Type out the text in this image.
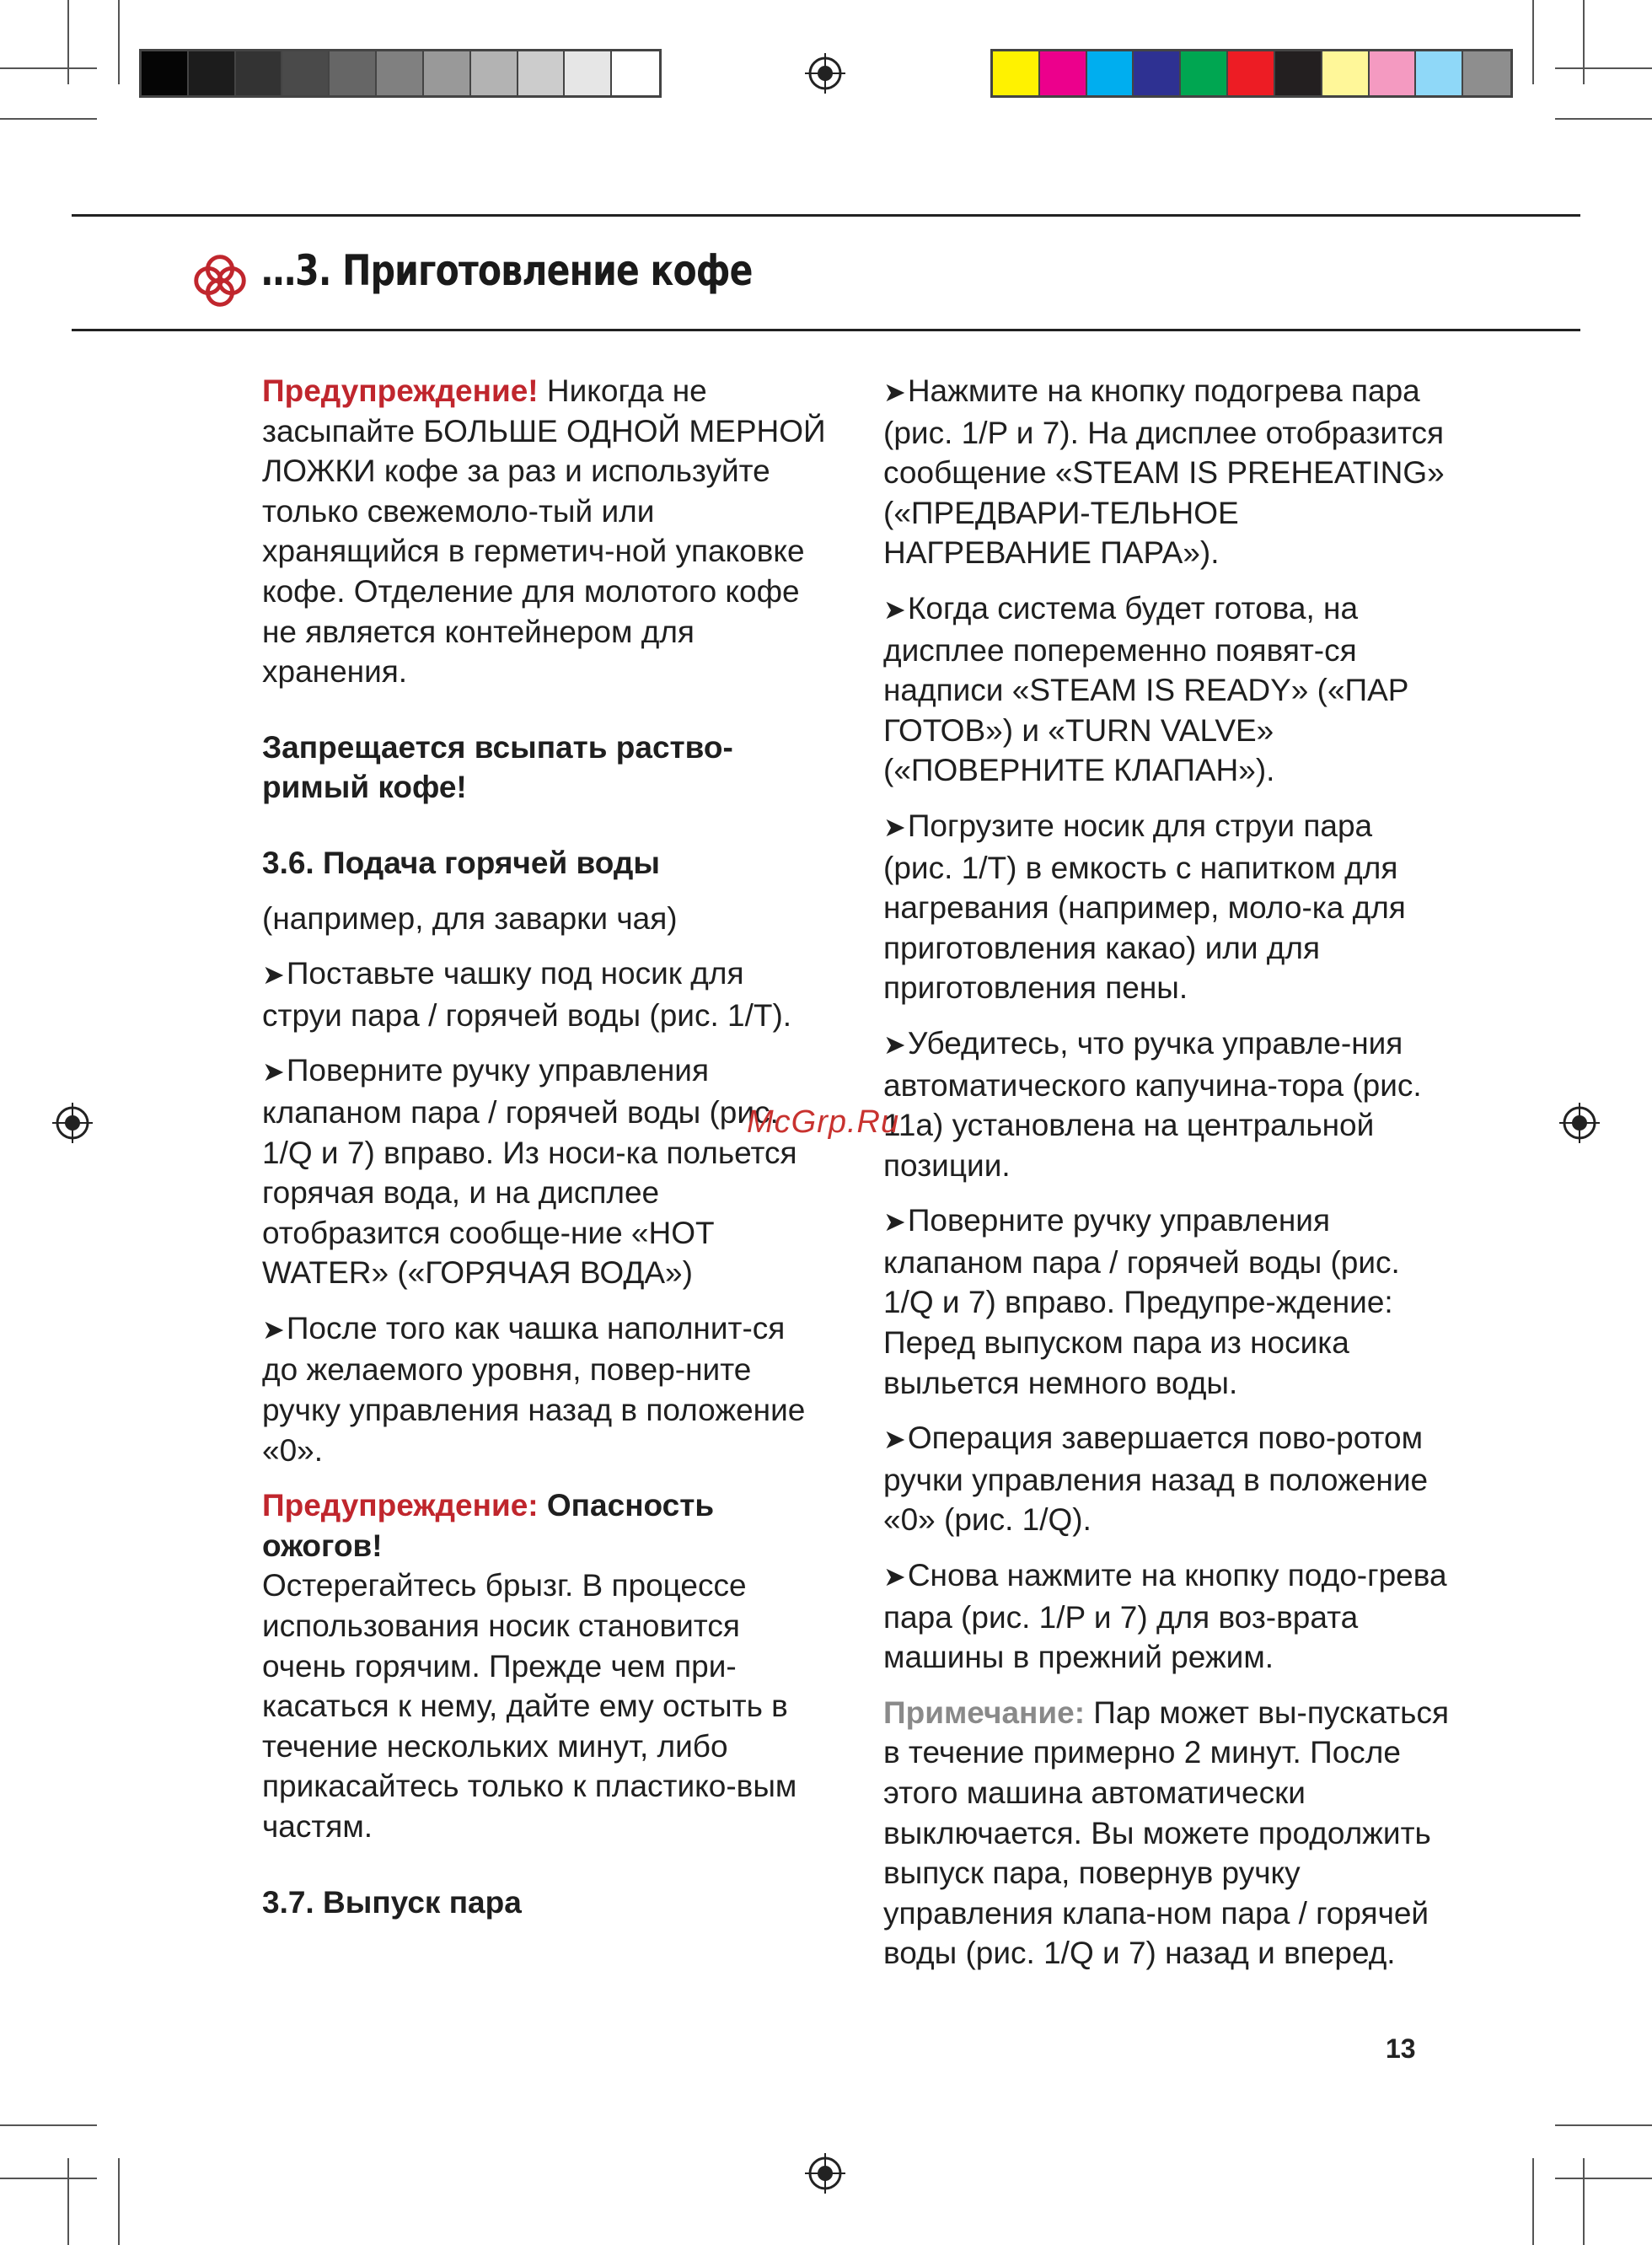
…3. Приготовление кофе

Предупреждение! Никогда не засыпайте БОЛЬШЕ ОДНОЙ МЕРНОЙ ЛОЖКИ кофе за раз и используйте только свежемоло-тый или хранящийся в герметич-ной упаковке кофе. Отделение для молотого кофе не является контейнером для хранения.

Запрещается всыпать раство-римый кофе!

3.6. Подача горячей воды

(например, для заварки чая)

➤Поставьте чашку под носик для струи пара / горячей воды (рис. 1/T).

➤Поверните ручку управления клапаном пара / горячей воды (рис. 1/Q и 7) вправо. Из носи-ка польется горячая вода, и на дисплее отобразится сообще-ние «HOT WATER» («ГОРЯЧАЯ ВОДА»)

➤После того как чашка наполнит-ся до желаемого уровня, повер-ните ручку управления назад в положение «0».

Предупреждение: Опасность ожогов!
Остерегайтесь брызг. В процессе использования носик становится очень горячим. Прежде чем при-касаться к нему, дайте ему остыть в течение нескольких минут, либо прикасайтесь только к пластико-вым частям.

3.7. Выпуск пара

➤Нажмите на кнопку подогрева пара (рис. 1/P и 7). На дисплее отобразится сообщение «STEAM IS PREHEATING» («ПРЕДВАРИ-ТЕЛЬНОЕ НАГРЕВАНИЕ ПАРА»).

➤Когда система будет готова, на дисплее попеременно появят-ся надписи «STEAM IS READY» («ПАР ГОТОВ») и «TURN VALVE» («ПОВЕРНИТЕ КЛАПАН»).

➤Погрузите носик для струи пара (рис. 1/T) в емкость с напитком для нагревания (например, моло-ка для приготовления какао) или для приготовления пены.

➤Убедитесь, что ручка управле-ния автоматического капучина-тора (рис. 11a) установлена на центральной позиции.

➤Поверните ручку управления клапаном пара / горячей воды (рис. 1/Q и 7) вправо. Предупре-ждение: Перед выпуском пара из носика выльется немного воды.

➤Операция завершается пово-ротом ручки управления назад в положение «0» (рис. 1/Q).

➤Снова нажмите на кнопку подо-грева пара (рис. 1/P и 7) для воз-врата машины в прежний режим.

Примечание: Пар может вы-пускаться в течение примерно 2 минут. После этого машина автоматически выключается. Вы можете продолжить выпуск пара, повернув ручку управления клапа-ном пара / горячей воды (рис. 1/Q и 7) назад и вперед.

McGrp.Ru
13
